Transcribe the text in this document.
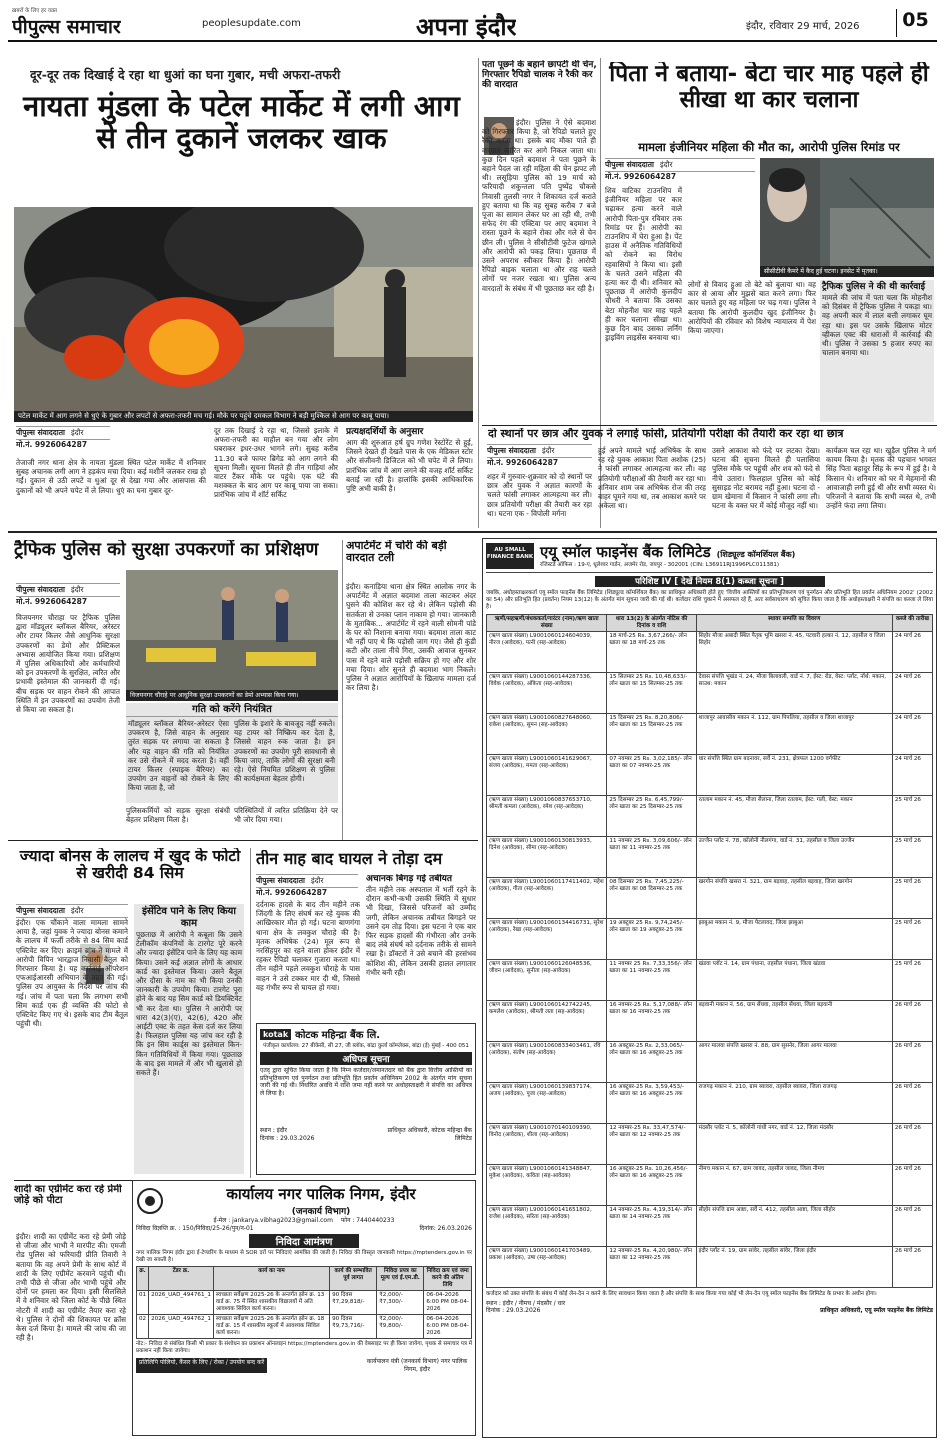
ख़बरों के लिए हर वक़्त
पीपुल्स समाचार	peoplesupdate.com	अपना इंदौर	इंदौर, रविवार 29 मार्च, 2026	05
दूर-दूर तक दिखाई दे रहा था धुआं का घना गुबार, मची अफरा-तफरी
नायता मुंडला के पटेल मार्केट में लगी आग से तीन दुकानें जलकर खाक
पटेल मार्केट में आग लगने से धुएं के गुबार और लपटों से अफरा-तफरी मच गई। मौके पर पहुंचे दमकल विभाग ने बड़ी मुश्किल से आग पर काबू पाया।
पीपुल्स संवाददाता इंदौर
मो.नं. 9926064287
तेजाजी नगर थाना क्षेत्र के नायता मुंडला स्थित पटेल मार्केट में शनिवार सुबह अचानक लगी आग ने हड़कंप मचा दिया। कई मशीनें जलकर राख हो गईं। दुकान से उठी लपटें व धुआं दूर से देखा गया और आसपास की दुकानों को भी अपने चपेट में ले लिया। धुएं का घना गुबार दूर-
दूर तक दिखाई दे रहा था, जिससे इलाके में अफरा-तफरी का माहौल बन गया और लोग घबराकर इधर-उधर भागने लगे। सुबह करीब 11.30 बजे फायर ब्रिगेड को आग लगने की सूचना मिली। सूचना मिलते ही तीन गाड़ियां और वाटर टैंकर मौके पर पहुंचे। एक घंटे की मशक्कत के बाद आग पर काबू पाया जा सका। प्रारंभिक जांच में शॉर्ट सर्किट
प्रत्यक्षदर्शियों के अनुसार
आग की शुरुआत हर्ष ग्रुप गणेश रेस्टोरेंट से हुई, जिसने देखते ही देखते पास के एक मेडिकल स्टोर और संजीवनी डिजिटल को भी चपेट में ले लिया। प्रारंभिक जांच में आग लगने की वजह शॉर्ट सर्किट बताई जा रही है। हालांकि इसकी आधिकारिक पुष्टि अभी बाकी है।
पता पूछने के बहाने छापटी थी चेन, गिरफ्तार रैपिडो चालक ने रैकी कर की वारदात
इंदौर। पुलिस ने ऐसे बदमाश को गिरफ्तार किया है, जो रैपिडो चलाते हुए रैकी करता था। इसके बाद मौका पाते ही वारदात कारित कर आगे निकल जाता था। कुछ दिन पहले बदमाश ने पता पूछने के बहाने पैदल जा रही महिला की चेन झपट ली थी। लसूड़िया पुलिस को 19 मार्च को फरियादी शकुन्तला पति पुष्पेंद्र चौकसे निवासी तुलसी नगर ने शिकायत दर्ज कराते हुए बताया था कि वह सुबह करीब 7 बजे पूजा का सामान लेकर घर आ रही थी, तभी सफेद रंग की एक्टिवा पर आए बदमाश ने रास्ता पूछने के बहाने रोका और गले से चेन छीन ली। पुलिस ने सीसीटीवी फुटेज खंगाले और आरोपी को पकड़ लिया। पूछताछ में उसने अपराध स्वीकार किया है। आरोपी रैपिडो बाइक चलाता था और राह चलते लोगों पर नजर रखता था। पुलिस अन्य वारदातों के संबंध में भी पूछताछ कर रही है।
पिता ने बताया- बेटा चार माह पहले ही सीखा था कार चलाना
मामला इंजीनियर महिला की मौत का, आरोपी पुलिस रिमांड पर
पीपुल्स संवाददाता इंदौर
मो.नं. 9926064287
शिव वाटिका टाउनशिप में इंजीनियर महिला पर कार चढ़ाकर हत्या करने वाले आरोपी पिता-पुत्र रविवार तक रिमांड पर हैं। आरोपी का टाउनशिप में घेरा हुआ है। पेंट हाउस में अनैतिक गतिविधियों को रोकने का विरोध रहवासियों ने किया था। इसी के चलते उसने महिला की हत्या कर दी थी। शनिवार को पूछताछ में आरोपी कुलदीप चौधरी ने बताया कि उसका बेटा मोहनीश चार माह पहले ही कार चलाना सीखा था। कुछ दिन बाद उसका लर्निंग ड्राइविंग लाइसेंस बनवाया था।
सीसीटीवी कैमरे में कैद हुई घटना। इनसेट में मृतका।
लोगों से विवाद हुआ तो बेटे को बुलाया था। वह कार से आया और मुझसे बात करने लगा। फिर कार चलाते हुए वह महिला पर चढ़ गया। पुलिस ने बताया कि आरोपी कुलदीप खुद इंजीनियर है। आरोपियों की रविवार को विशेष न्यायालय में पेश किया जाएगा।
ट्रैफिक पुलिस ने की थी कार्रवाई
मामले की जांच में पता चला कि मोहनीश को दिसंबर में ट्रैफिक पुलिस ने पकड़ा था। वह अपनी कार में लाल बत्ती लगाकर घूम रहा था। इस पर उसके खिलाफ मोटर व्हीकल एक्ट की धाराओं में कार्रवाई की थी। पुलिस ने उसका 5 हजार रुपए का चालान बनाया था।
दो स्थानों पर छात्र और युवक ने लगाई फांसी, प्रतियोगी परीक्षा की तैयारी कर रहा था छात्र
पीपुल्स संवाददाता इंदौर
मो.नं. 9926064287
शहर में गुरुवार-शुक्रवार को दो स्थानों पर छात्र और युवक ने अज्ञात कारणों के चलते फांसी लगाकर आत्महत्या कर ली। छात्र प्रतियोगी परीक्षा की तैयारी कर रहा था। घटना एक - विपोली मर्गना
हुई अपने मामले भाई अभिषेक के साथ रह रहे युवक आकाश पिता अशोक (25) ने फांसी लगाकर आत्महत्या कर ली। वह प्रतियोगी परीक्षाओं की तैयारी कर रहा था। शनिवार शाम जब अभिषेक रोज की तरह बाहर घूमने गया था, तब आकाश कमरे पर अकेला था।
उसने आकाश को फंदे पर लटका देखा। घटना की सूचना मिलते ही पलासिया पुलिस मौके पर पहुंची और शव को फंदे से नीचे उतारा। फिलहाल पुलिस को कोई सुसाइड नोट बरामद नहीं हुआ। घटना दो - ग्राम खेमाना में किसान ने फांसी लगा ली। घटना के वक्त घर में कोई मौजूद नहीं था।
कार्यक्रम चल रहा था। खुड़ैल पुलिस ने मर्ग कायम किया है। मृतक की पहचान भगवत सिंह पिता बहादुर सिंह के रूप में हुई है। वे किसान थे। शनिवार को घर में मेहमानों की आवाजाही लगी हुई थी और सभी व्यस्त थे। परिजनों ने बताया कि सभी व्यस्त थे, तभी उन्होंने फंदा लगा लिया।
ट्रैफिक पुलिस को सुरक्षा उपकरणों का प्रशिक्षण
पीपुल्स संवाददाता इंदौर
मो.नं. 9926064287
विजयनगर चौराहा पर ट्रैफिक पुलिस द्वारा मॉड्यूलर ब्लॉकल बैरियर, अरेस्टर और टायर किलर जैसे आधुनिक सुरक्षा उपकरणों का डेमो और प्रैक्टिकल अभ्यास आयोजित किया गया। प्रशिक्षण में पुलिस अधिकारियों और कर्मचारियों को इन उपकरणों के सुरक्षित, त्वरित और प्रभावी इस्तेमाल की जानकारी दी गई। बीच सड़क पर वाहन रोकने की आपात स्थिति में इन उपकरणों का उपयोग तेजी से किया जा सकता है।
विजयनगर चौराहे पर आधुनिक सुरक्षा उपकरणों का डेमो अभ्यास किया गया।
गति को करेंगे नियंत्रित
मॉड्यूलर ब्लॉकल बैरियर-अरेस्टर ऐसा उपकरण है, जिसे वाहन के अनुसार तुरंत सड़क पर लगाया जा सकता है और यह वाहन की गति को नियंत्रित कर उसे रोकने में मदद करता है। वहीं टायर किलर (स्पाइक बैरियर) का उपयोग उन वाहनों को रोकने के लिए किया जाता है, जो
पुलिस के इशारे के बावजूद नहीं रुकते। यह टायर को निष्क्रिय कर देता है, जिससे वाहन रुक जाता है। इन उपकरणों का उपयोग पूरी सावधानी से किया जाए, ताकि लोगों की सुरक्षा बनी रहे। ऐसे नियमित प्रशिक्षण से पुलिस की कार्यक्षमता बेहतर होगी।
पुलिसकर्मियों को सड़क सुरक्षा संबंधी बेहतर प्रशिक्षण मिला है।
परिस्थितियों में त्वरित प्रतिक्रिया देने पर भी जोर दिया गया।
अपार्टमेंट में चोरी की बड़ी वारदात टली
इंदौर। कनाड़िया थाना क्षेत्र स्थित आलोक नगर के अपार्टमेंट में अज्ञात बदमाश ताला काटकर अंदर घुसने की कोशिश कर रहे थे। लेकिन पड़ोसी की सतर्कता से उनका प्लान नाकाम हो गया। जानकारी के मुताबिक... अपार्टमेंट में रहने वाली सोमनी पांडे के घर को निशाना बनाया गया। बदमाश ताला काट भी नहीं पाए थे कि पड़ोसी जाग गए। जैसे ही कुंडी कटी और ताला नीचे गिरा, उसकी आवाज सुनकर पास में रहने वाले पड़ोसी सक्रिय हो गए और शोर मचा दिया। शोर सुनते ही बदमाश भाग निकले। पुलिस ने अज्ञात आरोपियों के खिलाफ मामला दर्ज कर लिया है।
ज्यादा बोनस के लालच में खुद के फोटो से खरीदी 84 सिम
पीपुल्स संवाददाता इंदौर
इंदौर। एक चौंकाने वाला मामला सामने आया है, जहां युवक ने ज्यादा बोनस कमाने के लालच में फर्जी तरीके से 84 सिम कार्ड एक्टिवेट कर दिए। क्राइम ब्रांच ने मामले में आरोपी विपिन भारद्वाज निवासी बैतूल को गिरफ्तार किया है। यह कार्रवाई ऑपरेशन एफआईआरसी अभियान के तहत की गई। पुलिस उप आयुक्त के निर्देश पर जांच की गई। जांच में पता चला कि लगभग सभी सिम कार्ड एक ही व्यक्ति की फोटो से एक्टिवेट किए गए थे। इसके बाद टीम बैतूल पहुंची थी।
इंसेंटिव पाने के लिए किया काम
पूछताछ में आरोपी ने कबूला कि उसने टेलीकॉम कंपनियों के टारगेट पूरे करने और ज्यादा इंसेंटिव पाने के लिए यह काम किया। उसने कई अज्ञात लोगों के आधार कार्ड का इस्तेमाल किया। उसने बैतूल और दौसा के नाम का भी किया उनकी जानकारी के उपयोग किया। टारगेट पूरा होने के बाद यह सिम कार्ड को डियक्टिवेट भी कर देता था। पुलिस ने आरोपी पर धारा 42(3)(ए), 42(6), 420 और आईटी एक्ट के तहत केस दर्ज कर लिया है। फिलहाल पुलिस यह जांच कर रही है कि इन सिम कार्ड्स का इस्तेमाल किन-किन गतिविधियों में किया गया। पूछताछ के बाद इस मामले में और भी खुलासे हो सकते हैं।
शादी का एग्रीमेंट करा रहे प्रेमी जोड़े को पीटा
इंदौर। शादी का एग्रीमेंट करा रहे प्रेमी जोड़े से जीजा और भाभी ने मारपीट की। एमजी रोड पुलिस को फरियादी प्रीति तिवारी ने बताया कि वह अपने प्रेमी के साथ कोर्ट में शादी के लिए एग्रीमेंट करवाने पहुंची थी। तभी पीछे से जीजा और भाभी पहुंचे और दोनों पर हमला कर दिया। इसी सिलसिले में वे शनिवार को जिला कोर्ट के पीछे स्थित नोटरी में शादी का एग्रीमेंट तैयार करा रहे थे। पुलिस ने दोनों की शिकायत पर क्रॉस केस दर्ज किया है। मामले की जांच की जा रही है।
तीन माह बाद घायल ने तोड़ा दम
पीपुल्स संवाददाता इंदौर
मो.नं. 9926064287
दर्दनाक हादसे के बाद तीन महीने तक जिंदगी के लिए संघर्ष कर रहे युवक की आखिरकार मौत हो गई। घटना बाणगंगा थाना क्षेत्र के लवकुश चौराहे की है। मृतक अभिषेक (24) मूल रूप से नरसिंहपुर का रहने वाला होकर इंदौर में रहकर रैपिडो चलाकर गुजारा करता था। तीन महीने पहले लवकुश चौराहे के पास वाहन ने उसे टक्कर मार दी थी, जिससे वह गंभीर रूप से घायल हो गया।
अचानक बिगड़ गई तबीयत
तीन महीने तक अस्पताल में भर्ती रहने के दौरान कभी-कभी उसकी स्थिति में सुधार भी दिखा, जिससे परिजनों को उम्मीद जगी, लेकिन अचानक तबीयत बिगड़ने पर उसने दम तोड़ दिया। इस घटना ने एक बार फिर सड़क हादसों की गंभीरता और उनके बाद लंबे संघर्ष को दर्दनाक तरीके से सामने रखा है। डॉक्टरों ने उसे बचाने की हरसंभव कोशिश की, लेकिन उसकी हालत लगातार गंभीर बनी रही।
kotak कोटक महिन्द्रा बैंक लि.
पंजीकृत कार्यालय: 27 बीकेसी, सी 27, जी ब्लॉक, बांद्रा कुर्ला कॉम्प्लेक्स, बांद्रा (ई) मुंबई - 400 051
अधिपत्र सूचना
एतद् द्वारा सूचित किया जाता है कि निम्न कर्जदार/जमानतदार को बैंक द्वारा वित्तीय आस्तियों का प्रतिभूतिकरण एवं पुनर्गठन तथा प्रतिभूति हित प्रवर्तन अधिनियम 2002 के अंतर्गत मांग सूचना जारी की गई थी। निर्धारित अवधि में राशि जमा नहीं करने पर अधोहस्ताक्षरी ने संपत्ति का अधिपत्र ले लिया है।
स्थान : इंदौर
दिनांक : 29.03.2026
प्राधिकृत अधिकारी, कोटक महिन्द्रा बैंक लिमिटेड
कार्यालय नगर पालिक निगम, इंदौर
(जनकार्य विभाग)
ई-मेल : jankarya.vibhag2023@gmail.com फोन : 7440440233
निविदा विज्ञप्ति क्र. : 150/निविदा/25-26/पुन/न-01	दिनांक: 26.03.2026
निविदा आमंत्रण
नगर पालिक निगम इंदौर द्वारा ई-टेण्डरिंग के माध्यम से SOR दरों पर निविदाएं आमंत्रित की जाती हैं। निविदा की विस्तृत जानकारी https://mptenders.gov.in पर देखी जा सकती है।
क्र.	टेंडर क्र.	कार्य का नाम	कार्य की सम्भावित पूर्व लागत	निविदा प्रपत्र का मूल्य एवं ई.एम.डी.	निविदा क्रय एवं जमा करने की अंतिम तिथि
01	2026_UAD_494761_1	स्वच्छता सर्वेक्षण 2025-26 के अन्तर्गत झोन क्र. 13 वार्ड क्र. 75 में स्थित शासकीय विद्यालयों में अति आवश्यक सिविल कार्य करना।	90 दिवस ₹7,29,818/-	₹2,000/- ₹7,300/-	06-04-2026 6:00 PM 08-04-2026
02	2026_UAD_494762_1	स्वच्छता सर्वेक्षण 2025-26 के अन्तर्गत झोन क्र. 18 वार्ड क्र. 15 में शासकीय स्कूलों में आवश्यक सिविल कार्य करना।	90 दिवस ₹9,73,716/-	₹2,000/- ₹9,800/-	06-04-2026 6:00 PM 08-04-2026
नोट:- निविदा से संबंधित किसी भी प्रकार के संशोधन का प्रकाशन ऑनलाइन https://mptenders.gov.in की वेबसाइट पर ही किया जायेगा, पृथक से समाचार पत्र में प्रकाशन नहीं किया जायेगा।
प्रतिलिपि पोलियो, कैंसर के लिए / रोका / उपयोग बन्द करें	कार्यपालन यंत्री (जनकार्य विभाग) नगर पालिक निगम, इंदौर
AU SMALL FINANCE BANK एयू स्मॉल फाइनेंस बैंक लिमिटेड (शिड्यूल्ड कॉमर्शियल बैंक)
रजिस्टर्ड ऑफिस : 19-ए, धूलेश्वर गार्डन, अजमेर रोड, जयपुर - 302001 (CIN: L36911RJ1996PLC011381)
परिशिष्ट IV [ देखें नियम 8(1) कब्जा सूचना ]
जबकि, अधोहस्ताक्षरकर्ता एयू स्मॉल फाइनेंस बैंक लिमिटेड (शिड्यूल्ड कॉमर्शियल बैंक) का प्राधिकृत अधिकारी होते हुए 'वित्तीय आस्तियों का प्रतिभूतिकरण एवं पुनर्गठन और प्रतिभूति हित प्रवर्तन अधिनियम 2002' (2002 का 54) और प्रतिभूति हित (प्रवर्तन) नियम 13(12) के अंतर्गत मांग सूचना जारी की गई थी। कर्जदार राशि चुकाने में असफल रहे हैं, अतः सर्वसाधारण को सूचित किया जाता है कि अधोहस्ताक्षरी ने संपत्ति का कब्जा ले लिया है।
ऋणी/सहऋणी/बंधककर्ता/गारंटर (नाम)/ऋण खाता संख्या	धारा 13(2) के अंतर्गत नोटिस की दिनांक व राशि	स्थावर सम्पत्ति का विवरण	कब्जे की तारीख
(ऋण खाता संख्या) L9001060124604039, नीरज (आवेदक), पत्नी (सह-आवेदक)	18 मार्च-25 Rs. 3,67,266/- लोन खाता का 18 मार्च-25 तक	सिहोर मौजा अबादी स्थित पैतृक भूमि खसरा नं. 45, पटवारी हल्का नं. 12, तहसील व जिला सिहोर	24 मार्च 26
(ऋण खाता संख्या) L9001060144287336, विवेक (आवेदक), अंकिता (सह-आवेदक)	15 सितम्बर 25 Rs. 10,48,633/- लोन खाता का 15 सितम्बर-25 तक	देवास संपत्ति भूखंड नं. 24, मौजा बिलावली, वार्ड नं. 7, ईस्ट: रोड, वेस्ट: प्लॉट, नॉर्थ: मकान, साउथ: मकान	24 मार्च 26
(ऋण खाता संख्या) L9001060827648060, राकेश (आवेदक), सुमन (सह-आवेदक)	15 दिसम्बर 25 Rs. 8,20,806/- लोन खाता का 15 दिसम्बर-25 तक	शाजापुर आवासीय मकान नं. 112, ग्राम पिपलिया, तहसील व जिला शाजापुर	24 मार्च 26
(ऋण खाता संख्या) L9001060141629067, संजय (आवेदक), ममता (सह-आवेदक)	07 नवम्बर 25 Rs. 3,02,185/- लोन खाता का 07 नवम्बर-25 तक	धार संपत्ति स्थित ग्राम बदनावर, सर्वे नं. 231, क्षेत्रफल 1200 वर्गफीट	24 मार्च 26
(ऋण खाता संख्या) L9001060837653710, श्रीमती कमला (आवेदक), रमेश (सह-आवेदक)	25 दिसम्बर 25 Rs. 6,45,799/- लोन खाता का 25 दिसम्बर-25 तक	रतलाम मकान नं. 45, मौजा सैलाना, जिला रतलाम, ईस्ट: गली, वेस्ट: मकान	25 मार्च 26
(ऋण खाता संख्या) L9001060130813933, दिनेश (आवेदक), सीमा (सह-आवेदक)	11 नवम्बर 25 Rs. 3,09,606/- लोन खाता का 11 नवम्बर-25 तक	उज्जैन प्लॉट नं. 78, कॉलोनी नीलगंगा, वार्ड नं. 31, तहसील व जिला उज्जैन	25 मार्च 26
(ऋण खाता संख्या) L9001060117411402, महेश (आवेदक), गीता (सह-आवेदक)	08 दिसम्बर 25 Rs. 7,45,225/- लोन खाता का 08 दिसम्बर-25 तक	खरगोन संपत्ति खसरा नं. 321, ग्राम बड़वाह, तहसील बड़वाह, जिला खरगोन	25 मार्च 26
(ऋण खाता संख्या) L9001060134416731, सुरेश (आवेदक), रेखा (सह-आवेदक)	19 अक्टूबर 25 Rs. 9,74,245/- लोन खाता का 19 अक्टूबर-25 तक	झाबुआ मकान नं. 9, मौजा पेटलावद, जिला झाबुआ	25 मार्च 26
(ऋण खाता संख्या) L9001060126048536, जीवन (आवेदक), सुनीता (सह-आवेदक)	11 नवम्बर 25 Rs. 7,33,356/- लोन खाता का 11 नवम्बर-25 तक	खंडवा प्लॉट नं. 14, ग्राम पंधाना, तहसील पंधाना, जिला खंडवा	25 मार्च 26
(ऋण खाता संख्या) L9001060142742245, कमलेश (आवेदक), श्रीमती लता (सह-आवेदक)	16 नवम्बर-25 Rs. 5,17,088/- लोन खाता का 16 नवम्बर-25 तक	बड़वानी मकान नं. 56, ग्राम सेंधवा, तहसील सेंधवा, जिला बड़वानी	26 मार्च 26
(ऋण खाता संख्या) L9001060833403461, रवि (आवेदक), संतोष (सह-आवेदक)	16 अक्टूबर-25 Rs. 2,33,065/- लोन खाता का 16 अक्टूबर-25 तक	आगर मालवा संपत्ति खसरा नं. 88, ग्राम सुसनेर, जिला आगर मालवा	26 मार्च 26
(ऋण खाता संख्या) L9001060139837174, अजय (आवेदक), पूजा (सह-आवेदक)	16 अक्टूबर-25 Rs. 3,59,453/- लोन खाता का 16 अक्टूबर-25 तक	राजगढ़ मकान नं. 210, ग्राम ब्यावरा, तहसील ब्यावरा, जिला राजगढ़	26 मार्च 26
(ऋण खाता संख्या) L9001070140109390, विनोद (आवेदक), शीला (सह-आवेदक)	12 नवम्बर-25 Rs. 33,47,574/- लोन खाता का 12 नवम्बर-25 तक	मंदसौर प्लॉट नं. 5, कॉलोनी गांधी नगर, वार्ड नं. 12, जिला मंदसौर	26 मार्च 26
(ऋण खाता संख्या) L9001060141348847, मुकेश (आवेदक), कविता (सह-आवेदक)	16 अक्टूबर-25 Rs. 10,26,456/- लोन खाता का 16 अक्टूबर-25 तक	नीमच मकान नं. 67, ग्राम जावद, तहसील जावद, जिला नीमच	26 मार्च 26
(ऋण खाता संख्या) L9001060141651802, राजेश (आवेदक), सरिता (सह-आवेदक)	14 नवम्बर-25 Rs. 4,19,314/- लोन खाता का 14 नवम्बर-25 तक	सीहोर संपत्ति ग्राम आष्टा, सर्वे नं. 412, तहसील आष्टा, जिला सीहोर	26 मार्च 26
(ऋण खाता संख्या) L9001060141703489, प्रकाश (आवेदक), उषा (सह-आवेदक)	12 नवम्बर-25 Rs. 4,20,980/- लोन खाता का 12 नवम्बर-25 तक	इंदौर प्लॉट नं. 19, ग्राम सांवेर, तहसील सांवेर, जिला इंदौर	26 मार्च 26
कर्जदार को उक्त संपत्ति के संबंध में कोई लेन-देन न करने के लिए सावधान किया जाता है और संपत्ति के साथ किया गया कोई भी लेन-देन एयू स्मॉल फाइनेंस बैंक लिमिटेड के प्रभार के अधीन होगा।
स्थान : इंदौर / नीमच / मंदसौर / धार
दिनांक : 29.03.2026	प्राधिकृत अधिकारी, एयू स्मॉल फाइनेंस बैंक लिमिटेड
